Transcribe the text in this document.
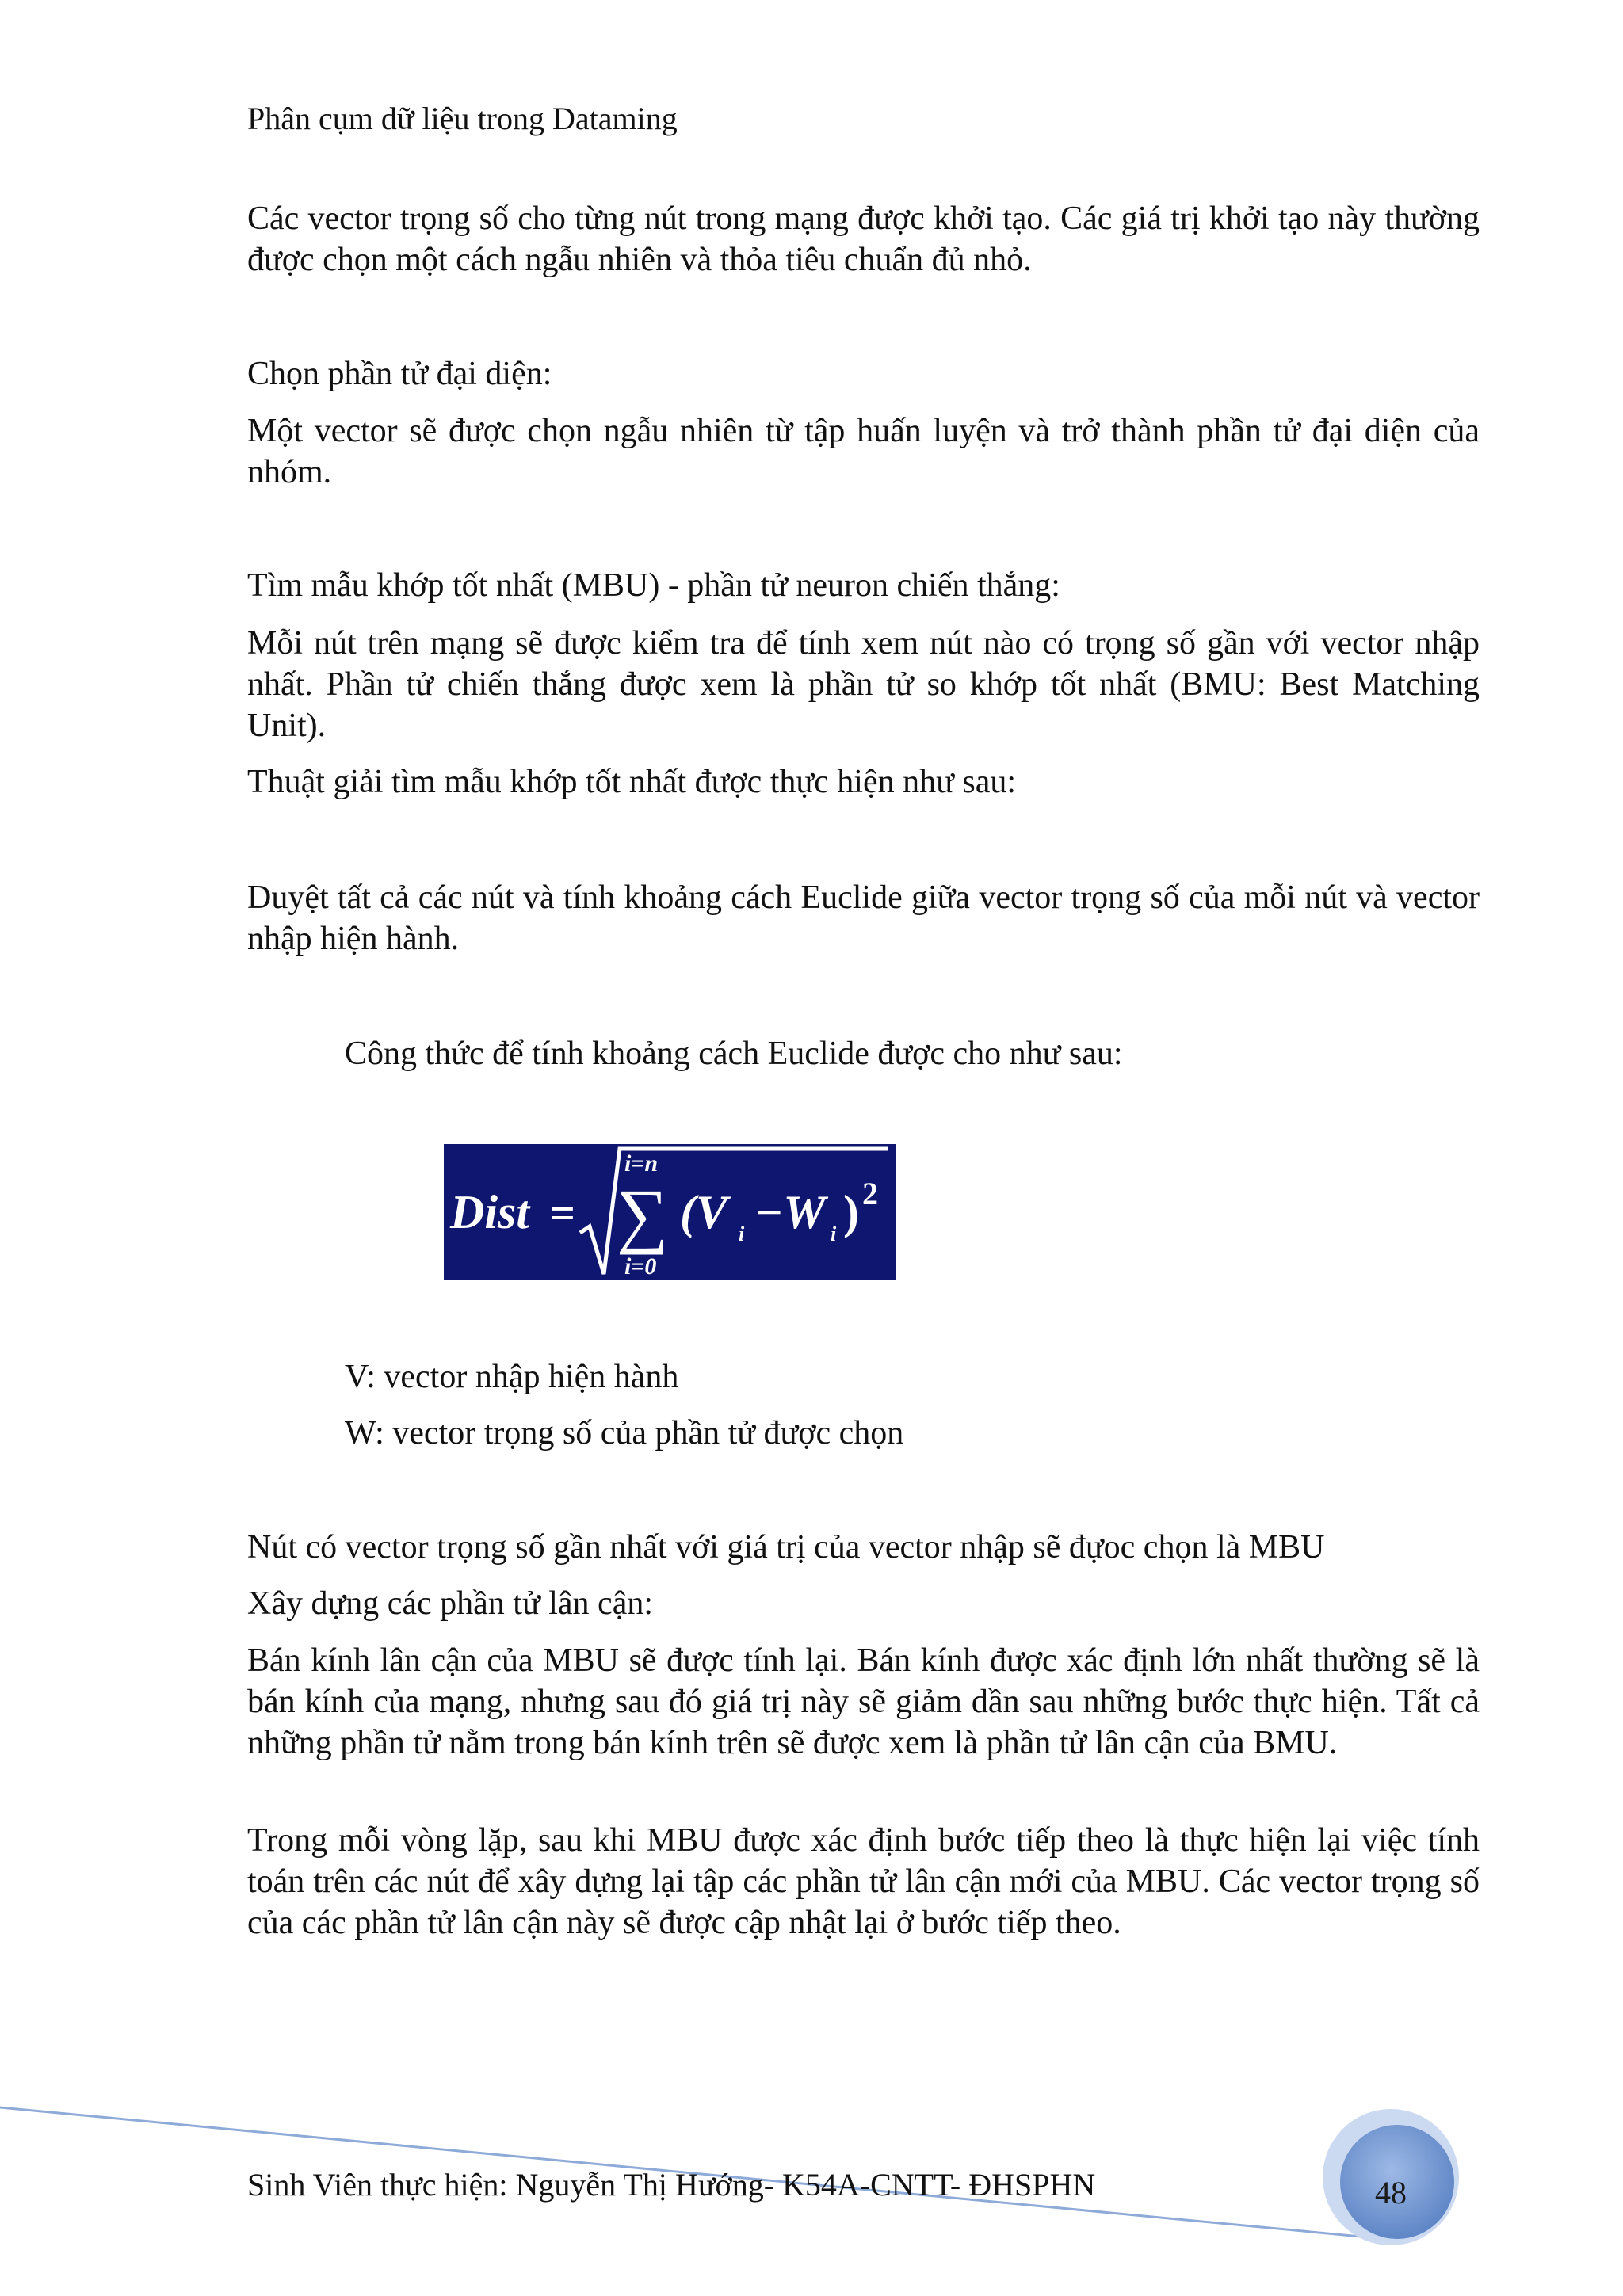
Phân cụm dữ liệu trong Dataming

Các vector trọng số cho từng nút trong mạng được khởi tạo. Các giá trị khởi tạo này thường được chọn một cách ngẫu nhiên và thỏa tiêu chuẩn đủ nhỏ.

Chọn phần tử đại diện:

Một vector sẽ được chọn ngẫu nhiên từ tập huấn luyện và trở thành phần tử đại diện của nhóm.

Tìm mẫu khớp tốt nhất (MBU) - phần tử neuron chiến thắng:

Mỗi nút trên mạng sẽ được kiểm tra để tính xem nút nào có trọng số gần với vector nhập nhất. Phần tử chiến thắng được xem là phần tử so khớp tốt nhất (BMU: Best Matching Unit).

Thuật giải tìm mẫu khớp tốt nhất được thực hiện như sau:

Duyệt tất cả các nút và tính khoảng cách Euclide giữa vector trọng số của mỗi nút và vector nhập hiện hành.

Công thức để tính khoảng cách Euclide được cho như sau:

Dist =
i=n
∑
i=0
(V i −W i ) 2

V: vector nhập hiện hành

W: vector trọng số của phần tử được chọn

Nút có vector trọng số gần nhất với giá trị của vector nhập sẽ đựoc chọn là MBU

Xây dựng các phần tử lân cận:

Bán kính lân cận của MBU sẽ được tính lại. Bán kính được xác định lớn nhất thường sẽ là bán kính của mạng, nhưng sau đó giá trị này sẽ giảm dần sau những bước thực hiện. Tất cả những phần tử nằm trong bán kính trên sẽ được xem là phần tử lân cận của BMU.

Trong mỗi vòng lặp, sau khi MBU được xác định bước tiếp theo là thực hiện lại việc tính toán trên các nút để xây dựng lại tập các phần tử lân cận mới của MBU. Các vector trọng số của các phần tử lân cận này sẽ được cập nhật lại ở bước tiếp theo.

Sinh Viên thực hiện: Nguyễn Thị Hướng- K54A-CNTT- ĐHSPHN	48
